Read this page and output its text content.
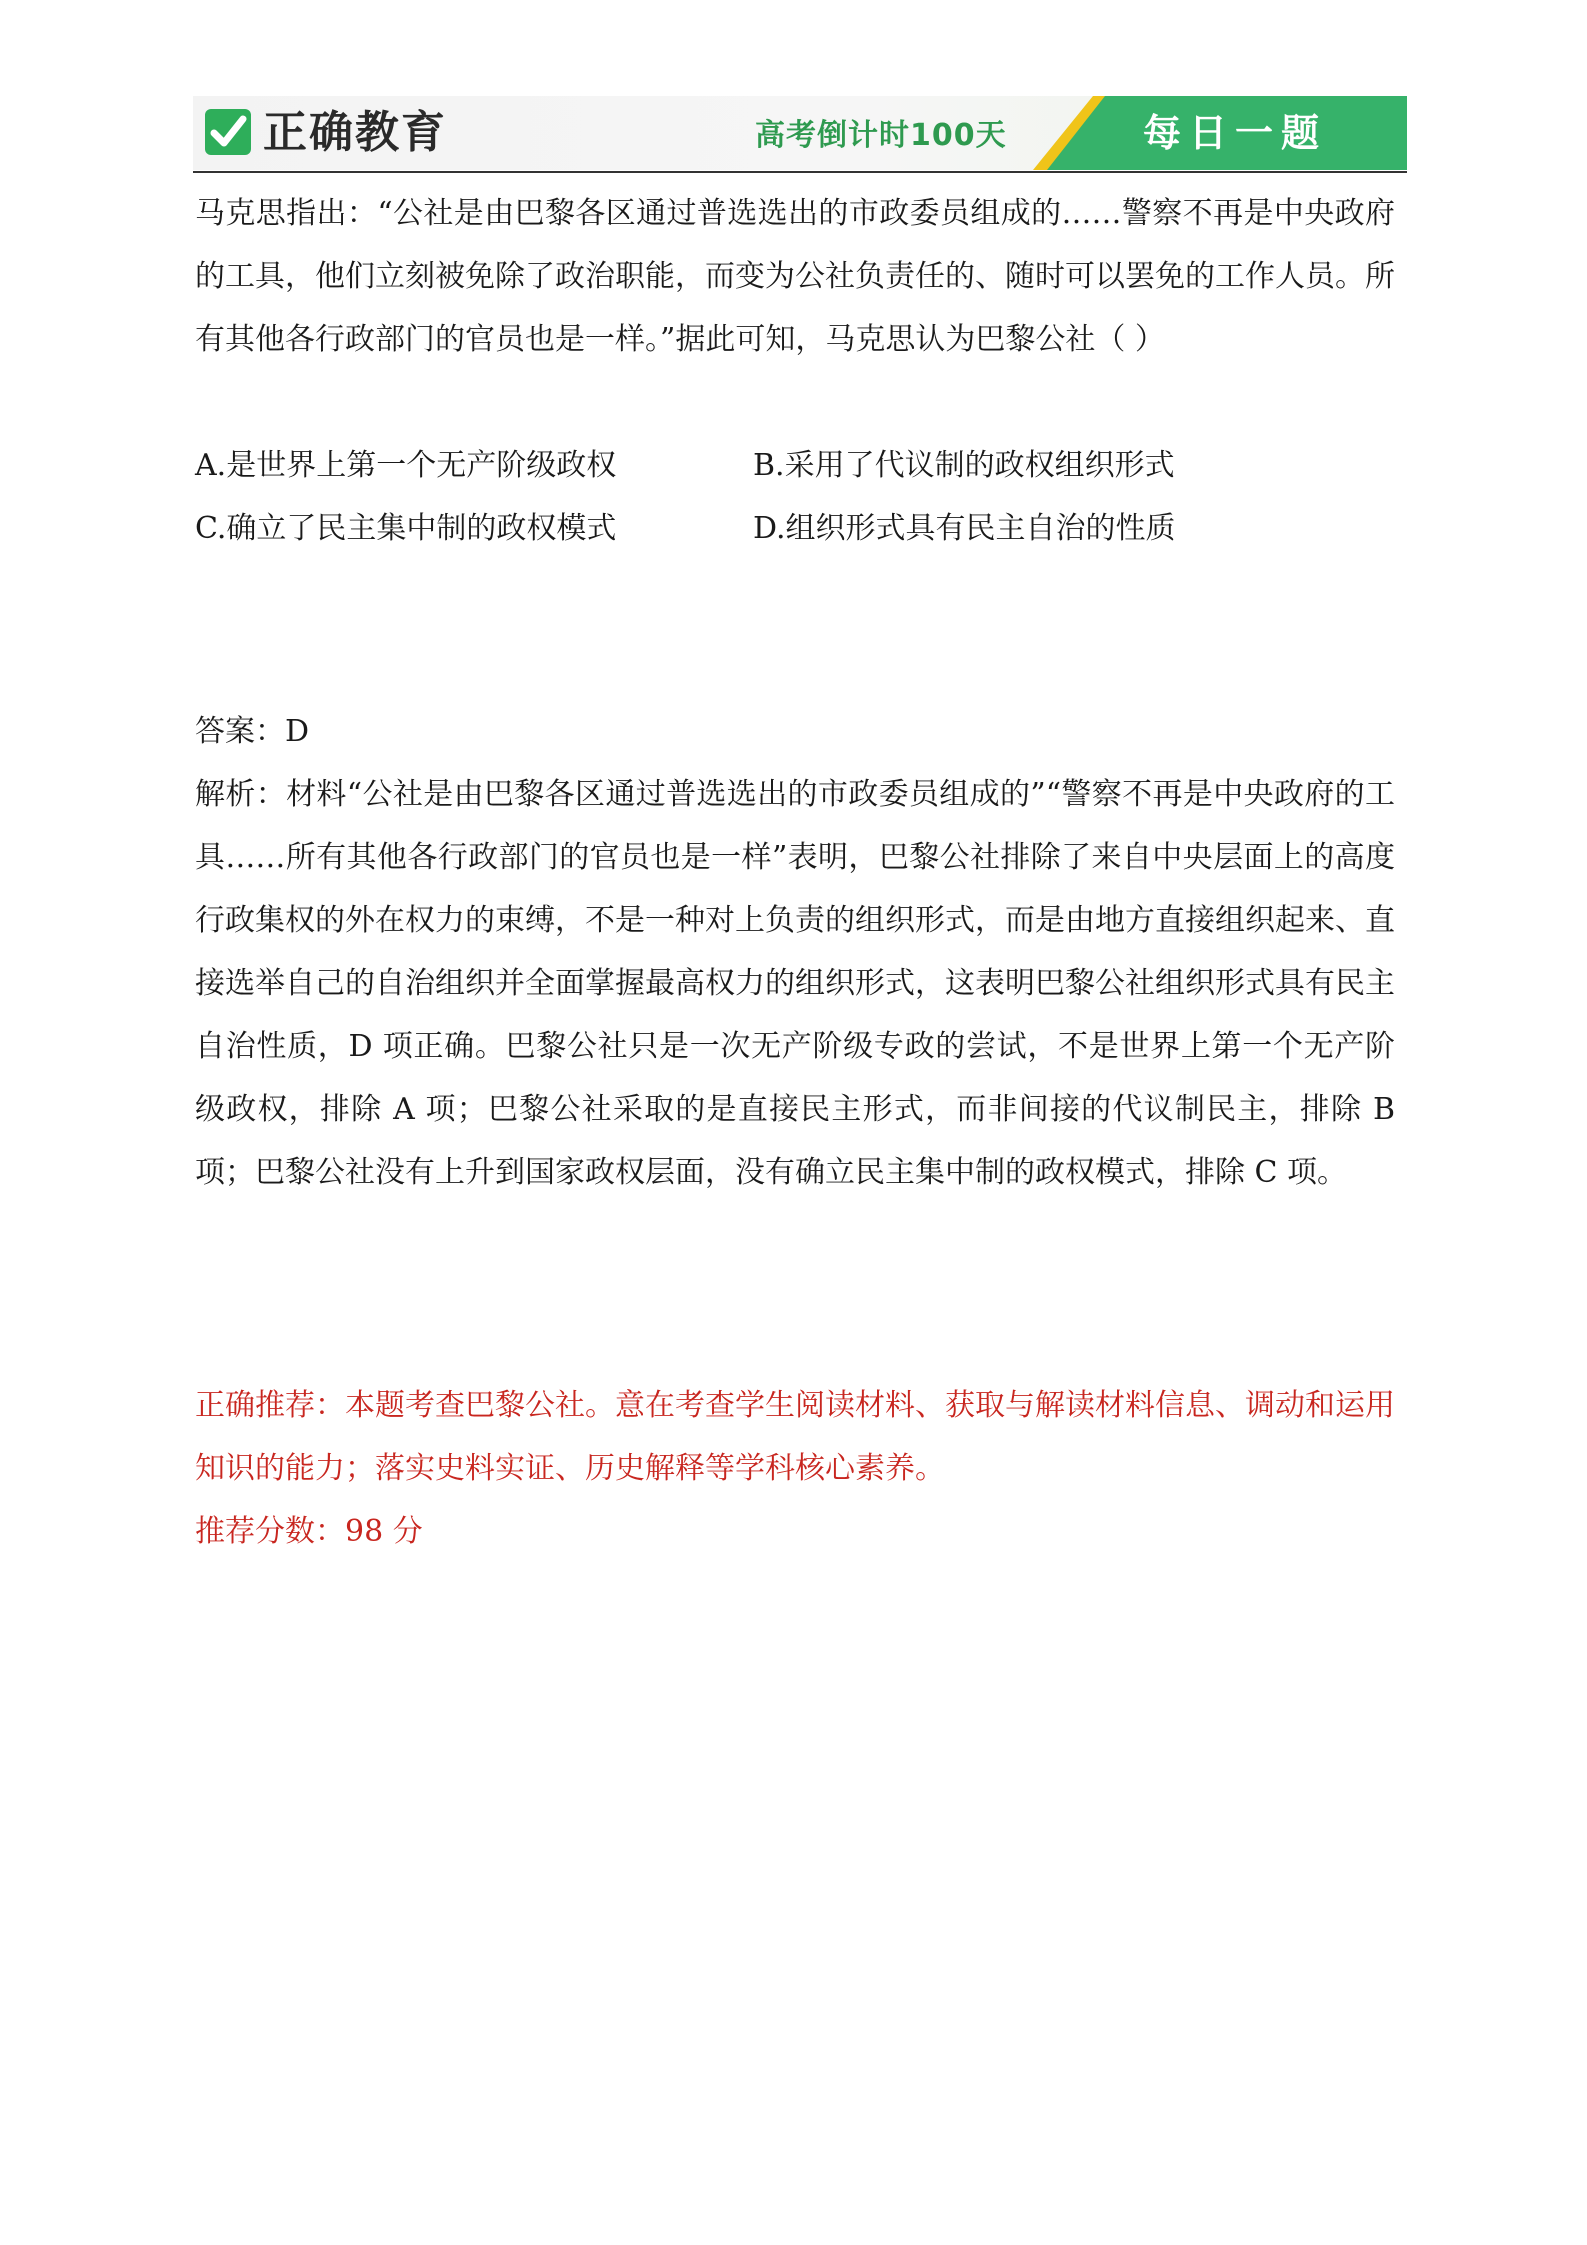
正确教育	高考倒计时100天	每日一题

马克思指出：“公社是由巴黎各区通过普选选出的市政委员组成的……警察不再是中央政府的工具，他们立刻被免除了政治职能，而变为公社负责任的、随时可以罢免的工作人员。所有其他各行政部门的官员也是一样。”据此可知，马克思认为巴黎公社（ ）

A.是世界上第一个无产阶级政权	B.采用了代议制的政权组织形式
C.确立了民主集中制的政权模式	D.组织形式具有民主自治的性质

答案：D

解析：材料“公社是由巴黎各区通过普选选出的市政委员组成的”“警察不再是中央政府的工具……所有其他各行政部门的官员也是一样”表明，巴黎公社排除了来自中央层面上的高度行政集权的外在权力的束缚，不是一种对上负责的组织形式，而是由地方直接组织起来、直接选举自己的自治组织并全面掌握最高权力的组织形式，这表明巴黎公社组织形式具有民主自治性质，D 项正确。巴黎公社只是一次无产阶级专政的尝试，不是世界上第一个无产阶级政权，排除 A 项；巴黎公社采取的是直接民主形式，而非间接的代议制民主，排除 B 项；巴黎公社没有上升到国家政权层面，没有确立民主集中制的政权模式，排除 C 项。

正确推荐：本题考查巴黎公社。意在考查学生阅读材料、获取与解读材料信息、调动和运用知识的能力；落实史料实证、历史解释等学科核心素养。

推荐分数：98 分
